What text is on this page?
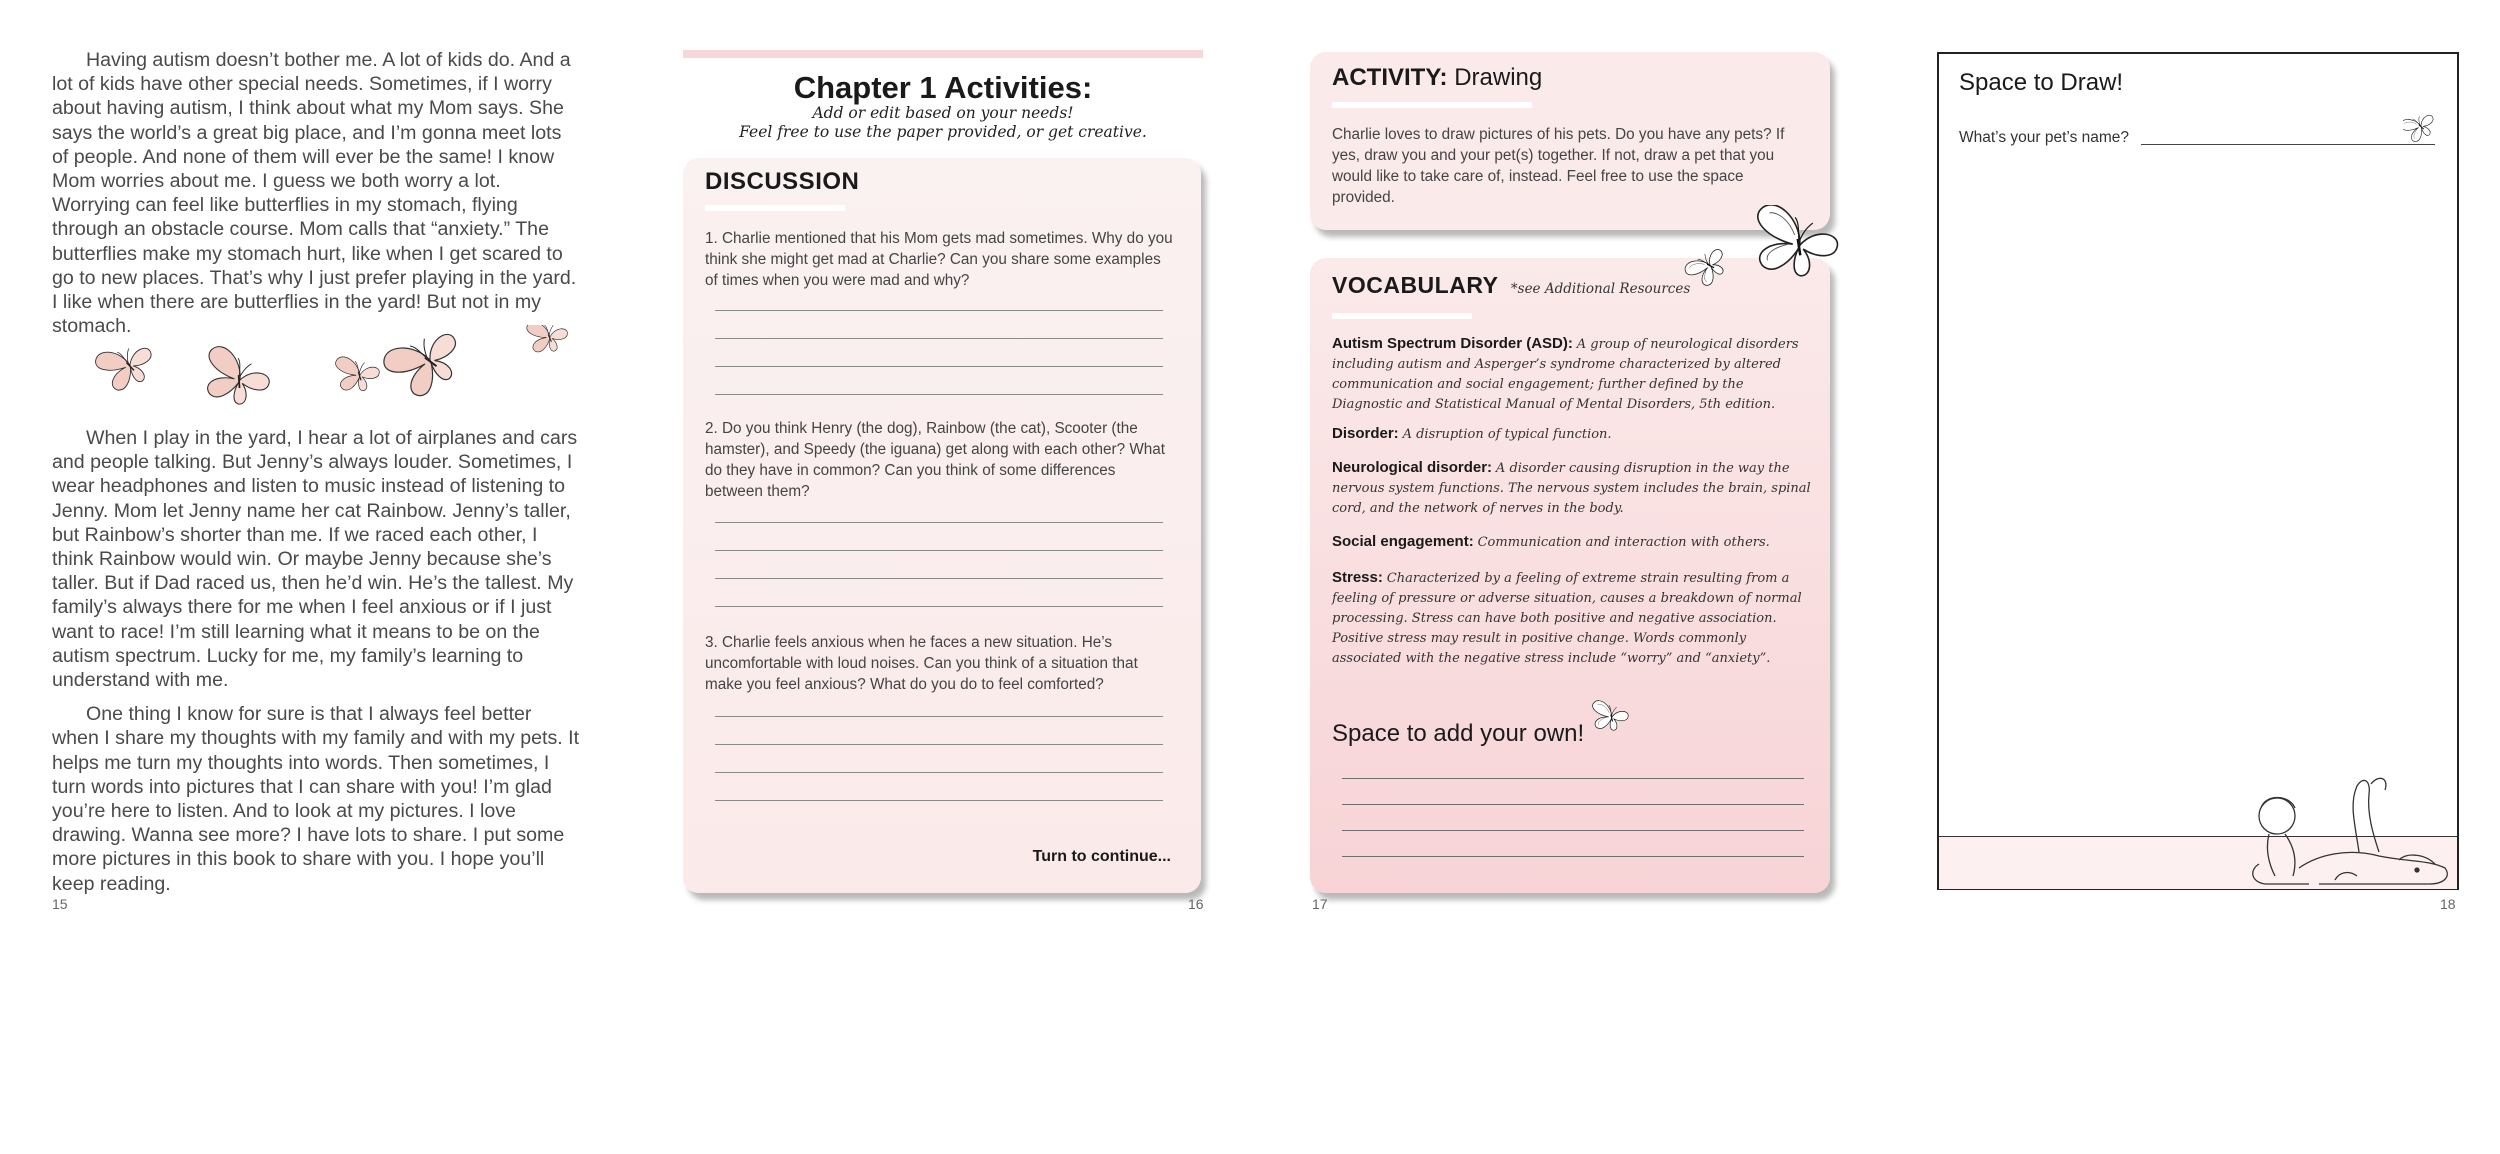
Having autism doesn’t bother me. A lot of kids do. And a lot of kids have other special needs. Sometimes, if I worry about having autism, I think about what my Mom says. She says the world’s a great big place, and I’m gonna meet lots of people. And none of them will ever be the same! I know Mom worries about me. I guess we both worry a lot. Worrying can feel like butterflies in my stomach, flying through an obstacle course. Mom calls that “anxiety.” The butterflies make my stomach hurt, like when I get scared to go to new places. That’s why I just prefer playing in the yard. I like when there are butterflies in the yard! But not in my stomach.

When I play in the yard, I hear a lot of airplanes and cars and people talking. But Jenny’s always louder. Sometimes, I wear headphones and listen to music instead of listening to Jenny. Mom let Jenny name her cat Rainbow. Jenny’s taller, but Rainbow’s shorter than me. If we raced each other, I think Rainbow would win. Or maybe Jenny because she’s taller. But if Dad raced us, then he’d win. He’s the tallest. My family’s always there for me when I feel anxious or if I just want to race! I’m still learning what it means to be on the autism spectrum. Lucky for me, my family’s learning to understand with me.

One thing I know for sure is that I always feel better when I share my thoughts with my family and with my pets. It helps me turn my thoughts into words. Then sometimes, I turn words into pictures that I can share with you! I’m glad you’re here to listen. And to look at my pictures. I love drawing. Wanna see more? I have lots to share. I put some more pictures in this book to share with you. I hope you’ll keep reading.

15
Chapter 1 Activities:
Add or edit based on your needs!
Feel free to use the paper provided, or get creative.
DISCUSSION
1. Charlie mentioned that his Mom gets mad sometimes. Why do you think she might get mad at Charlie? Can you share some examples of times when you were mad and why?
2. Do you think Henry (the dog), Rainbow (the cat), Scooter (the hamster), and Speedy (the iguana) get along with each other? What do they have in common? Can you think of some differences between them?
3. Charlie feels anxious when he faces a new situation. He’s uncomfortable with loud noises. Can you think of a situation that make you feel anxious? What do you do to feel comforted?
Turn to continue...
16
ACTIVITY: Drawing
Charlie loves to draw pictures of his pets. Do you have any pets? If yes, draw you and your pet(s) together. If not, draw a pet that you would like to take care of, instead. Feel free to use the space provided.
VOCABULARY *see Additional Resources
Autism Spectrum Disorder (ASD): A group of neurological disorders including autism and Asperger’s syndrome characterized by altered communication and social engagement; further defined by the Diagnostic and Statistical Manual of Mental Disorders, 5th edition.
Disorder: A disruption of typical function.
Neurological disorder: A disorder causing disruption in the way the nervous system functions. The nervous system includes the brain, spinal cord, and the network of nerves in the body.
Social engagement: Communication and interaction with others.
Stress: Characterized by a feeling of extreme strain resulting from a feeling of pressure or adverse situation, causes a breakdown of normal processing. Stress can have both positive and negative association. Positive stress may result in positive change. Words commonly associated with the negative stress include “worry” and “anxiety”.
Space to add your own!
17
Space to Draw!
What’s your pet’s name?
18
